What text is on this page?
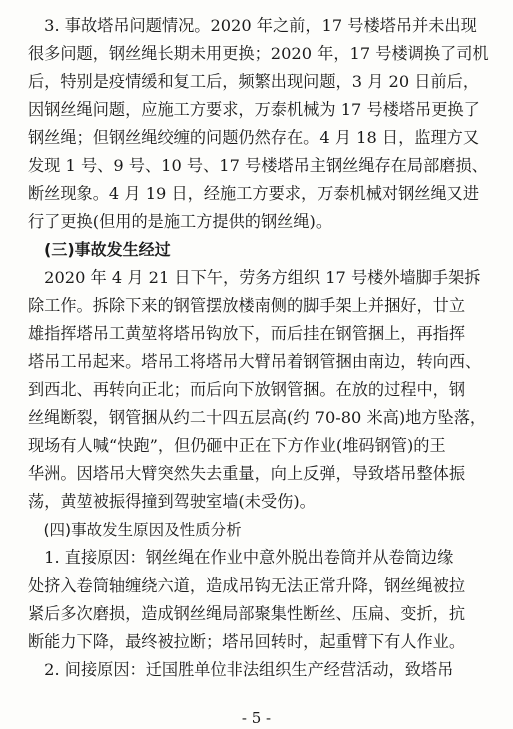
　3. 事故塔吊问题情况。2020 年之前，17 号楼塔吊并未出现
很多问题，钢丝绳长期未用更换；2020 年，17 号楼调换了司机
后，特别是疫情缓和复工后，频繁出现问题，3 月 20 日前后，
因钢丝绳问题，应施工方要求，万泰机械为 17 号楼塔吊更换了
钢丝绳；但钢丝绳绞缠的问题仍然存在。4 月 18 日，监理方又
发现 1 号、9 号、10 号、17 号楼塔吊主钢丝绳存在局部磨损、
断丝现象。4 月 19 日，经施工方要求，万泰机械对钢丝绳又进
行了更换(但用的是施工方提供的钢丝绳)。
　(三)事故发生经过
　2020 年 4 月 21 日下午，劳务方组织 17 号楼外墙脚手架拆
除工作。拆除下来的钢管摆放楼南侧的脚手架上并捆好，廿立
雄指挥塔吊工黄堃将塔吊钩放下，而后挂在钢管捆上，再指挥
塔吊工吊起来。塔吊工将塔吊大臂吊着钢管捆由南边，转向西、
到西北、再转向正北；而后向下放钢管捆。在放的过程中，钢
丝绳断裂，钢管捆从约二十四五层高(约 70-80 米高)地方坠落，
现场有人喊“快跑”，但仍砸中正在下方作业(堆码钢管)的王
华洲。因塔吊大臂突然失去重量，向上反弹，导致塔吊整体振
荡，黄堃被振得撞到驾驶室墙(未受伤)。
　(四)事故发生原因及性质分析
　1. 直接原因：钢丝绳在作业中意外脱出卷筒并从卷筒边缘
处挤入卷筒轴缠绕六道，造成吊钩无法正常升降，钢丝绳被拉
紧后多次磨损，造成钢丝绳局部聚集性断丝、压扁、变折，抗
断能力下降，最终被拉断；塔吊回转时，起重臂下有人作业。
　2. 间接原因：迁国胜单位非法组织生产经营活动，致塔吊
- 5 -
